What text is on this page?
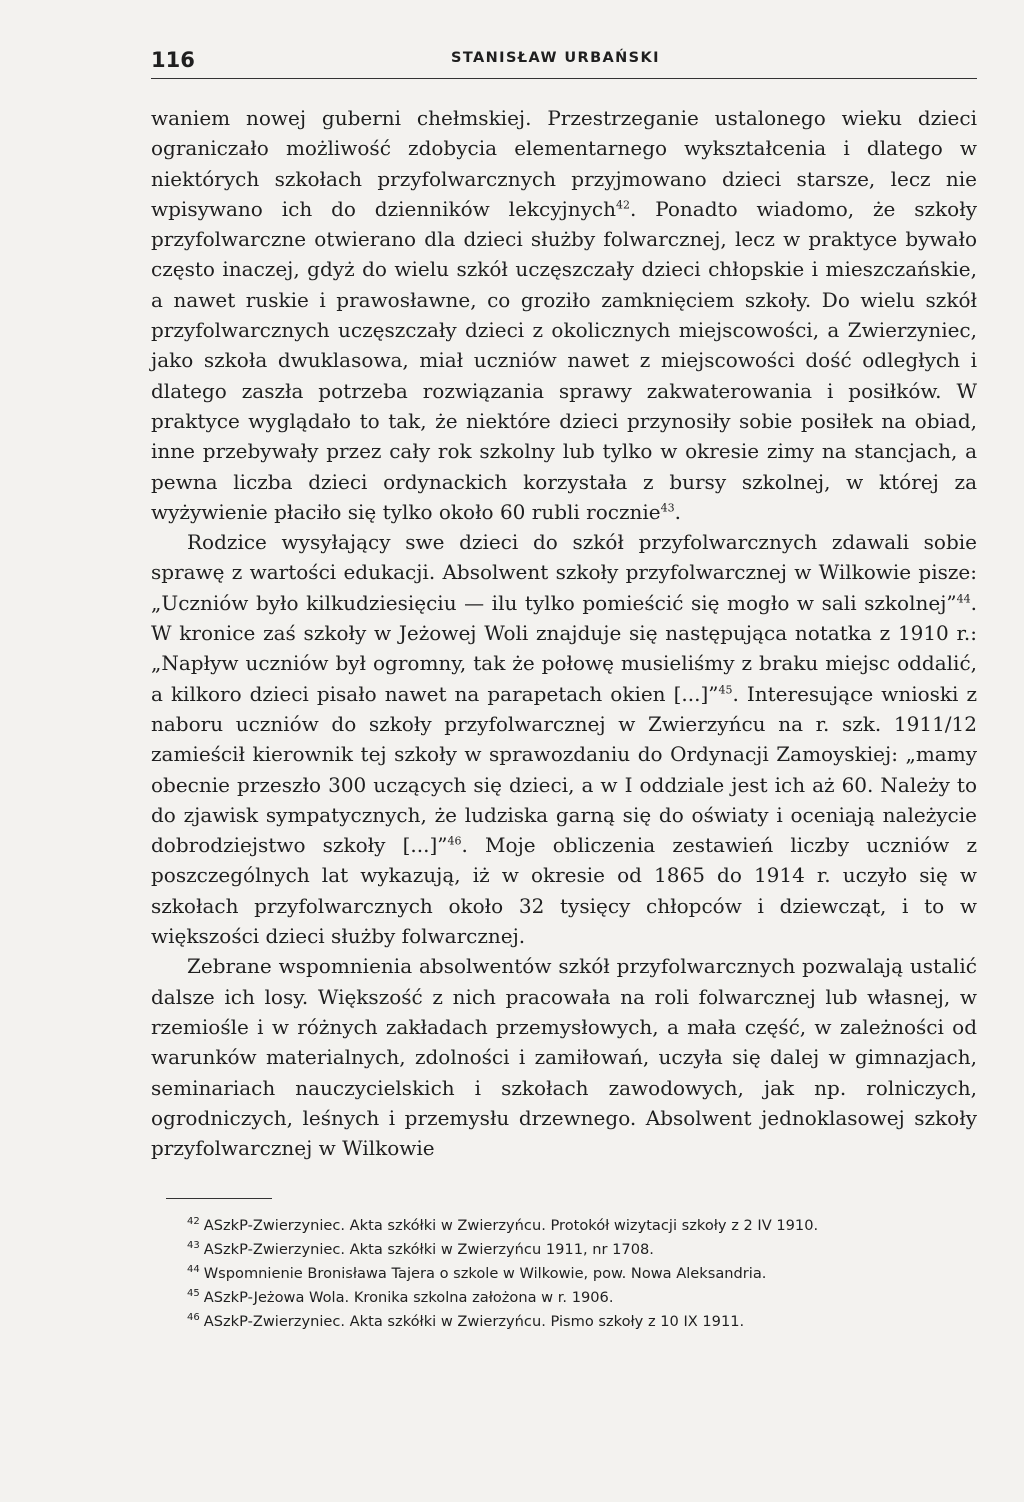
116	STANISŁAW URBAŃSKI

waniem nowej guberni chełmskiej. Przestrzeganie ustalonego wieku dzieci ograniczało możliwość zdobycia elementarnego wykształcenia i dlatego w niektórych szkołach przyfolwarcznych przyjmowano dzieci starsze, lecz nie wpisywano ich do dzienników lekcyjnych$^{42}$. Ponadto wiadomo, że szkoły przyfolwarczne otwierano dla dzieci służby folwarcznej, lecz w praktyce bywało często inaczej, gdyż do wielu szkół uczęszczały dzieci chłopskie i mieszczańskie, a nawet ruskie i prawosławne, co groziło zamknięciem szkoły. Do wielu szkół przyfolwarcznych uczęszczały dzieci z okolicznych miejscowości, a Zwierzyniec, jako szkoła dwuklasowa, miał uczniów nawet z miejscowości dość odległych i dlatego zaszła potrzeba rozwiązania sprawy zakwaterowania i posiłków. W praktyce wyglądało to tak, że niektóre dzieci przynosiły sobie posiłek na obiad, inne przebywały przez cały rok szkolny lub tylko w okresie zimy na stancjach, a pewna liczba dzieci ordynackich korzystała z bursy szkolnej, w której za wyżywienie płaciło się tylko około 60 rubli rocznie$^{43}$.

Rodzice wysyłający swe dzieci do szkół przyfolwarcznych zdawali sobie sprawę z wartości edukacji. Absolwent szkoły przyfolwarcznej w Wilkowie pisze: „Uczniów było kilkudziesięciu — ilu tylko pomieścić się mogło w sali szkolnej”$^{44}$. W kronice zaś szkoły w Jeżowej Woli znajduje się następująca notatka z 1910 r.: „Napływ uczniów był ogromny, tak że połowę musieliśmy z braku miejsc oddalić, a kilkoro dzieci pisało nawet na parapetach okien [...]”$^{45}$. Interesujące wnioski z naboru uczniów do szkoły przyfolwarcznej w Zwierzyńcu na r. szk. 1911/12 zamieścił kierownik tej szkoły w sprawozdaniu do Ordynacji Zamoyskiej: „mamy obecnie przeszło 300 uczących się dzieci, a w I oddziale jest ich aż 60. Należy to do zjawisk sympatycznych, że ludziska garną się do oświaty i oceniają należycie dobrodziejstwo szkoły [...]”$^{46}$. Moje obliczenia zestawień liczby uczniów z poszczególnych lat wykazują, iż w okresie od 1865 do 1914 r. uczyło się w szkołach przyfolwarcznych około 32 tysięcy chłopców i dziewcząt, i to w większości dzieci służby folwarcznej.

Zebrane wspomnienia absolwentów szkół przyfolwarcznych pozwalają ustalić dalsze ich losy. Większość z nich pracowała na roli folwarcznej lub własnej, w rzemiośle i w różnych zakładach przemysłowych, a mała część, w zależności od warunków materialnych, zdolności i zamiłowań, uczyła się dalej w gimnazjach, seminariach nauczycielskich i szkołach zawodowych, jak np. rolniczych, ogrodniczych, leśnych i przemysłu drzewnego. Absolwent jednoklasowej szkoły przyfolwarcznej w Wilkowie

$^{42}$ ASzkP-Zwierzyniec. Akta szkółki w Zwierzyńcu. Protokół wizytacji szkoły z 2 IV 1910.

$^{43}$ ASzkP-Zwierzyniec. Akta szkółki w Zwierzyńcu 1911, nr 1708.

$^{44}$ Wspomnienie Bronisława Tajera o szkole w Wilkowie, pow. Nowa Aleksandria.

$^{45}$ ASzkP-Jeżowa Wola. Kronika szkolna założona w r. 1906.

$^{46}$ ASzkP-Zwierzyniec. Akta szkółki w Zwierzyńcu. Pismo szkoły z 10 IX 1911.
